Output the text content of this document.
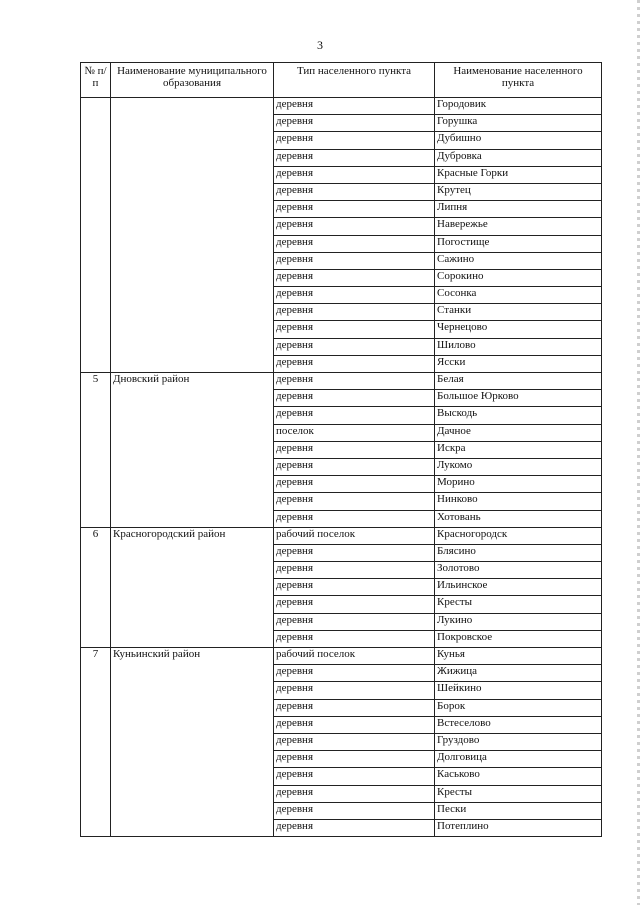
3
№ п/п	Наименование муниципального образования	Тип населенного пункта	Наименование населенного пункта
		деревня	Городовик
		деревня	Горушка
		деревня	Дубишно
		деревня	Дубровка
		деревня	Красные Горки
		деревня	Крутец
		деревня	Липня
		деревня	Навережье
		деревня	Погостище
		деревня	Сажино
		деревня	Сорокино
		деревня	Сосонка
		деревня	Станки
		деревня	Чернецово
		деревня	Шилово
		деревня	Ясски
5	Дновский район	деревня	Белая
		деревня	Большое Юрково
		деревня	Выскодь
		поселок	Дачное
		деревня	Искра
		деревня	Лукомо
		деревня	Морино
		деревня	Нинково
		деревня	Хотовань
6	Красногородский район	рабочий поселок	Красногородск
		деревня	Блясино
		деревня	Золотово
		деревня	Ильинское
		деревня	Кресты
		деревня	Лукино
		деревня	Покровское
7	Куньинский район	рабочий поселок	Кунья
		деревня	Жижица
		деревня	Шейкино
		деревня	Борок
		деревня	Встеселово
		деревня	Груздово
		деревня	Долговица
		деревня	Каськово
		деревня	Кресты
		деревня	Пески
		деревня	Потеплино
